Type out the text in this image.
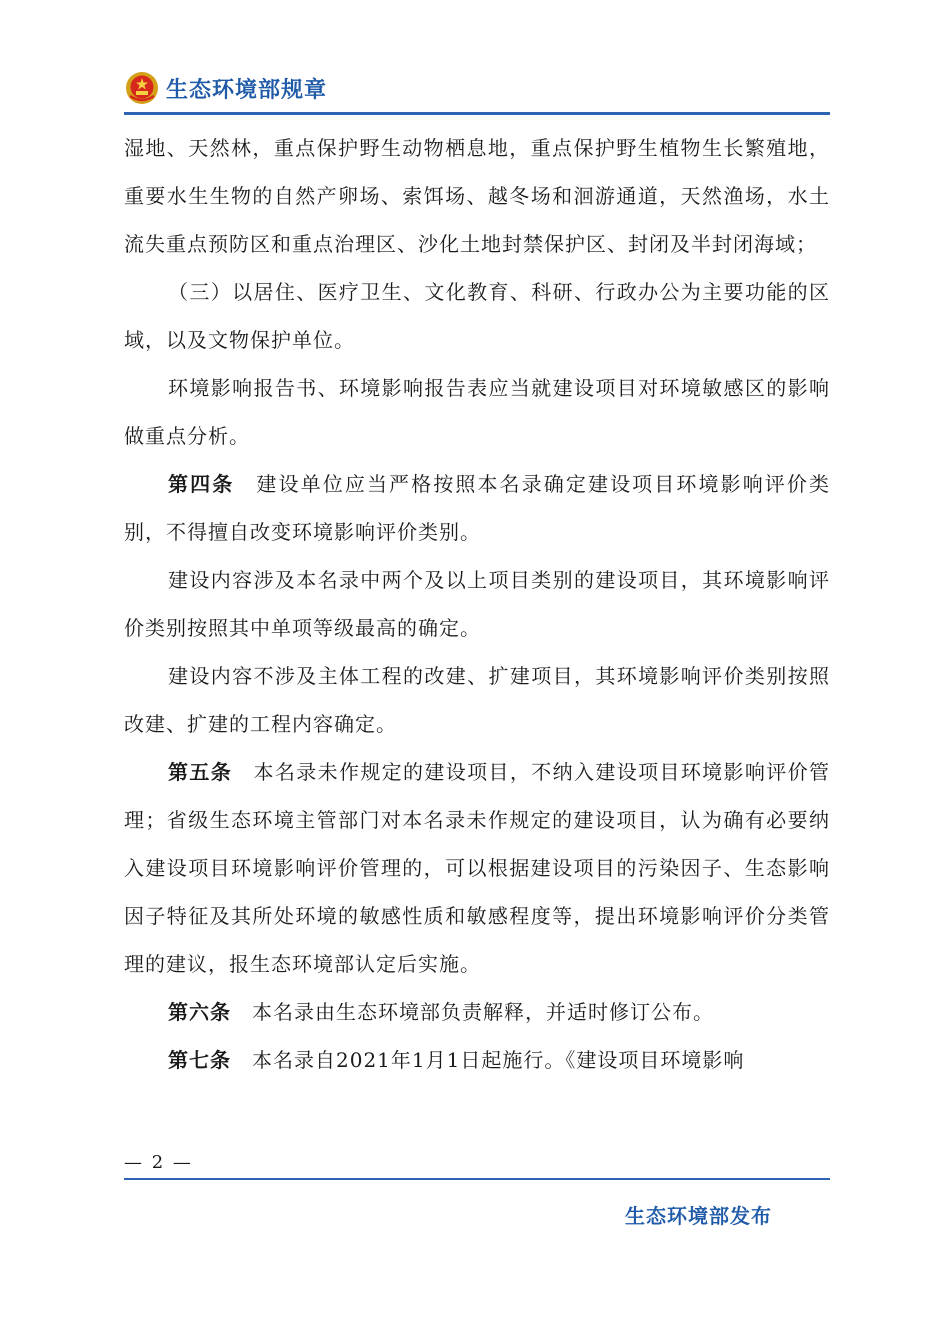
生态环境部规章

湿地、天然林，重点保护野生动物栖息地，重点保护野生植物生长繁殖地，重要水生生物的自然产卵场、索饵场、越冬场和洄游通道，天然渔场，水土流失重点预防区和重点治理区、沙化土地封禁保护区、封闭及半封闭海域；

（三）以居住、医疗卫生、文化教育、科研、行政办公为主要功能的区域，以及文物保护单位。

环境影响报告书、环境影响报告表应当就建设项目对环境敏感区的影响做重点分析。

第四条　 建设单位应当严格按照本名录确定建设项目环境影响评价类别，不得擅自改变环境影响评价类别。

建设内容涉及本名录中两个及以上项目类别的建设项目，其环境影响评价类别按照其中单项等级最高的确定。

建设内容不涉及主体工程的改建、扩建项目，其环境影响评价类别按照改建、扩建的工程内容确定。

第五条　 本名录未作规定的建设项目，不纳入建设项目环境影响评价管理；省级生态环境主管部门对本名录未作规定的建设项目，认为确有必要纳入建设项目环境影响评价管理的，可以根据建设项目的污染因子、生态影响因子特征及其所处环境的敏感性质和敏感程度等，提出环境影响评价分类管理的建议，报生态环境部认定后实施。

第六条　 本名录由生态环境部负责解释，并适时修订公布。

第七条　 本名录自2021年1月1日起施行。《建设项目环境影响

— 2 —
生态环境部发布
